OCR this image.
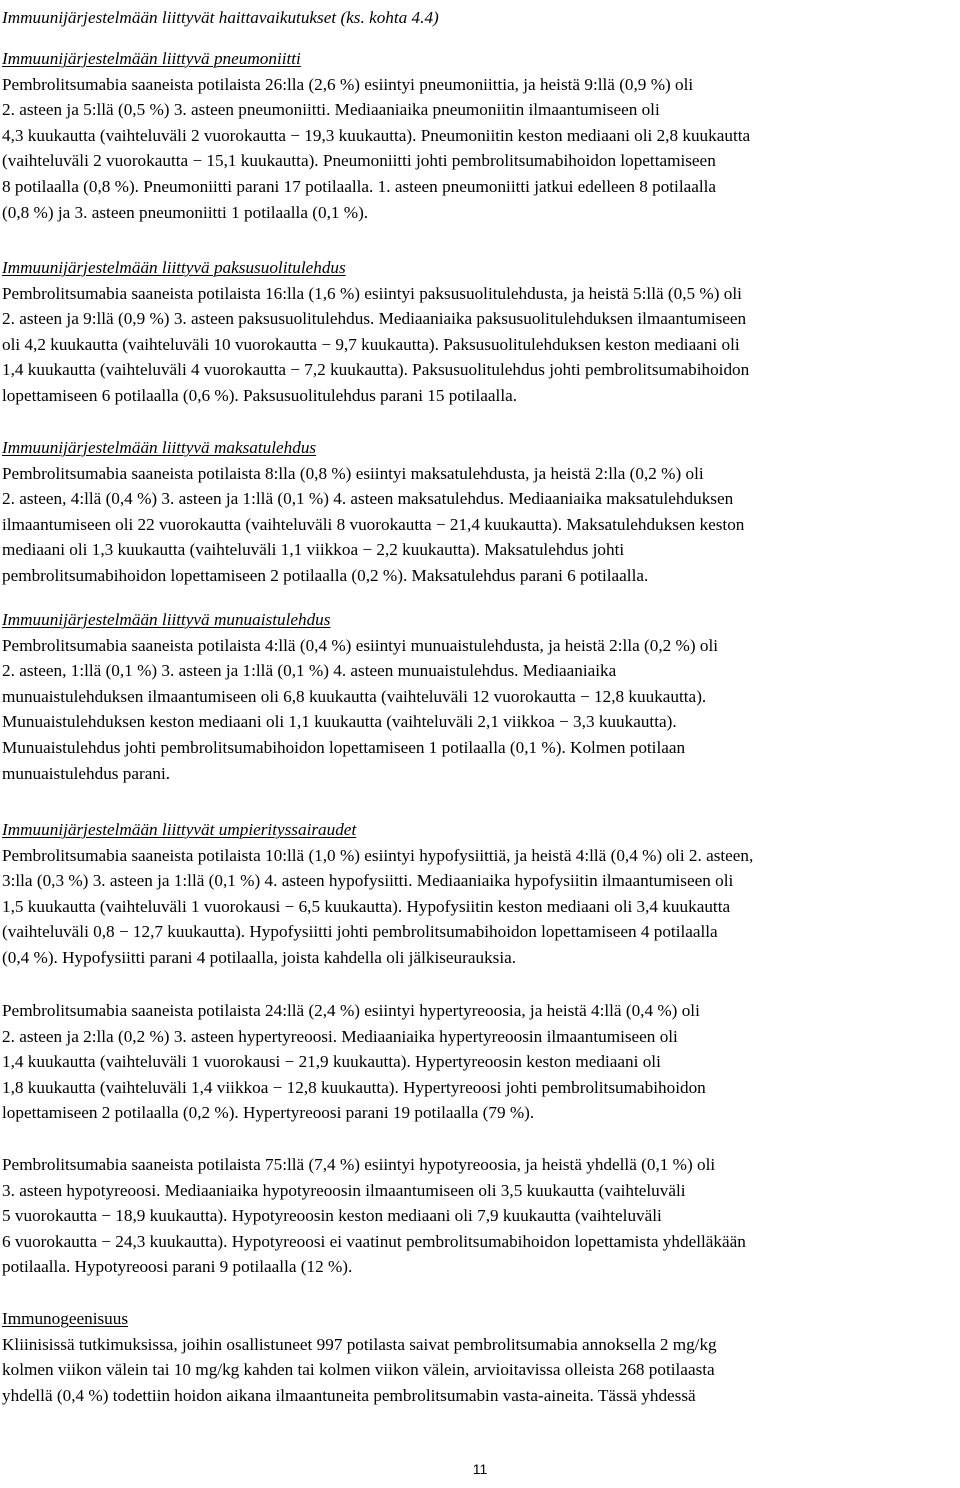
Immuunijärjestelmään liittyvät haittavaikutukset (ks. kohta 4.4)
Immuunijärjestelmään liittyvä pneumoniitti
Pembrolitsumabia saaneista potilaista 26:lla (2,6 %) esiintyi pneumoniittia, ja heistä 9:llä (0,9 %) oli
2. asteen ja 5:llä (0,5 %) 3. asteen pneumoniitti. Mediaaniaika pneumoniitin ilmaantumiseen oli
4,3 kuukautta (vaihteluväli 2 vuorokautta − 19,3 kuukautta). Pneumoniitin keston mediaani oli 2,8 kuukautta
(vaihteluväli 2 vuorokautta − 15,1 kuukautta). Pneumoniitti johti pembrolitsumabihoidon lopettamiseen
8 potilaalla (0,8 %). Pneumoniitti parani 17 potilaalla. 1. asteen pneumoniitti jatkui edelleen 8 potilaalla
(0,8 %) ja 3. asteen pneumoniitti 1 potilaalla (0,1 %).
Immuunijärjestelmään liittyvä paksusuolitulehdus
Pembrolitsumabia saaneista potilaista 16:lla (1,6 %) esiintyi paksusuolitulehdusta, ja heistä 5:llä (0,5 %) oli
2. asteen ja 9:llä (0,9 %) 3. asteen paksusuolitulehdus. Mediaaniaika paksusuolitulehduksen ilmaantumiseen
oli 4,2 kuukautta (vaihteluväli 10 vuorokautta − 9,7 kuukautta). Paksusuolitulehduksen keston mediaani oli
1,4 kuukautta (vaihteluväli 4 vuorokautta − 7,2 kuukautta). Paksusuolitulehdus johti pembrolitsumabihoidon
lopettamiseen 6 potilaalla (0,6 %). Paksusuolitulehdus parani 15 potilaalla.
Immuunijärjestelmään liittyvä maksatulehdus
Pembrolitsumabia saaneista potilaista 8:lla (0,8 %) esiintyi maksatulehdusta, ja heistä 2:lla (0,2 %) oli
2. asteen, 4:llä (0,4 %) 3. asteen ja 1:llä (0,1 %) 4. asteen maksatulehdus. Mediaaniaika maksatulehduksen
ilmaantumiseen oli 22 vuorokautta (vaihteluväli 8 vuorokautta − 21,4 kuukautta). Maksatulehduksen keston
mediaani oli 1,3 kuukautta (vaihteluväli 1,1 viikkoa − 2,2 kuukautta). Maksatulehdus johti
pembrolitsumabihoidon lopettamiseen 2 potilaalla (0,2 %). Maksatulehdus parani 6 potilaalla.
Immuunijärjestelmään liittyvä munuaistulehdus
Pembrolitsumabia saaneista potilaista 4:llä (0,4 %) esiintyi munuaistulehdusta, ja heistä 2:lla (0,2 %) oli
2. asteen, 1:llä (0,1 %) 3. asteen ja 1:llä (0,1 %) 4. asteen munuaistulehdus. Mediaaniaika
munuaistulehduksen ilmaantumiseen oli 6,8 kuukautta (vaihteluväli 12 vuorokautta − 12,8 kuukautta).
Munuaistulehduksen keston mediaani oli 1,1 kuukautta (vaihteluväli 2,1 viikkoa − 3,3 kuukautta).
Munuaistulehdus johti pembrolitsumabihoidon lopettamiseen 1 potilaalla (0,1 %). Kolmen potilaan
munuaistulehdus parani.
Immuunijärjestelmään liittyvät umpierityssairaudet
Pembrolitsumabia saaneista potilaista 10:llä (1,0 %) esiintyi hypofysiittiä, ja heistä 4:llä (0,4 %) oli 2. asteen,
3:lla (0,3 %) 3. asteen ja 1:llä (0,1 %) 4. asteen hypofysiitti. Mediaaniaika hypofysiitin ilmaantumiseen oli
1,5 kuukautta (vaihteluväli 1 vuorokausi − 6,5 kuukautta). Hypofysiitin keston mediaani oli 3,4 kuukautta
(vaihteluväli 0,8 − 12,7 kuukautta). Hypofysiitti johti pembrolitsumabihoidon lopettamiseen 4 potilaalla
(0,4 %). Hypofysiitti parani 4 potilaalla, joista kahdella oli jälkiseurauksia.
Pembrolitsumabia saaneista potilaista 24:llä (2,4 %) esiintyi hypertyreoosia, ja heistä 4:llä (0,4 %) oli
2. asteen ja 2:lla (0,2 %) 3. asteen hypertyreoosi. Mediaaniaika hypertyreoosin ilmaantumiseen oli
1,4 kuukautta (vaihteluväli 1 vuorokausi − 21,9 kuukautta). Hypertyreoosin keston mediaani oli
1,8 kuukautta (vaihteluväli 1,4 viikkoa − 12,8 kuukautta). Hypertyreoosi johti pembrolitsumabihoidon
lopettamiseen 2 potilaalla (0,2 %). Hypertyreoosi parani 19 potilaalla (79 %).
Pembrolitsumabia saaneista potilaista 75:llä (7,4 %) esiintyi hypotyreoosia, ja heistä yhdellä (0,1 %) oli
3. asteen hypotyreoosi. Mediaaniaika hypotyreoosin ilmaantumiseen oli 3,5 kuukautta (vaihteluväli
5 vuorokautta − 18,9 kuukautta). Hypotyreoosin keston mediaani oli 7,9 kuukautta (vaihteluväli
6 vuorokautta − 24,3 kuukautta). Hypotyreoosi ei vaatinut pembrolitsumabihoidon lopettamista yhdelläkään
potilaalla. Hypotyreoosi parani 9 potilaalla (12 %).
Immunogeenisuus
Kliinisissä tutkimuksissa, joihin osallistuneet 997 potilasta saivat pembrolitsumabia annoksella 2 mg/kg
kolmen viikon välein tai 10 mg/kg kahden tai kolmen viikon välein, arvioitavissa olleista 268 potilaasta
yhdellä (0,4 %) todettiin hoidon aikana ilmaantuneita pembrolitsumabin vasta-aineita. Tässä yhdessä
11
